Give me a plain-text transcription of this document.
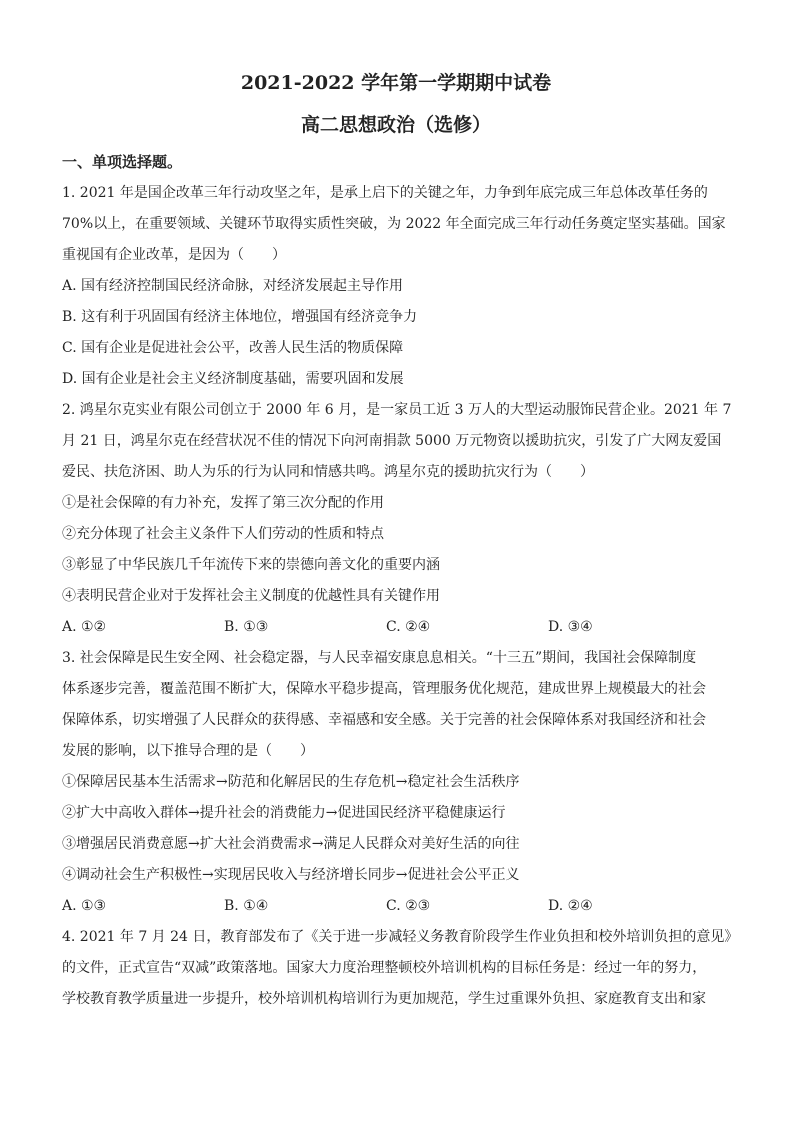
2021-2022 学年第一学期期中试卷
高二思想政治（选修）
一、单项选择题。

1. 2021 年是国企改革三年行动攻坚之年，是承上启下的关键之年，力争到年底完成三年总体改革任务的

70%以上，在重要领域、关键环节取得实质性突破，为 2022 年全面完成三年行动任务奠定坚实基础。国家

重视国有企业改革，是因为（　　）

A. 国有经济控制国民经济命脉，对经济发展起主导作用

B. 这有利于巩固国有经济主体地位，增强国有经济竞争力

C. 国有企业是促进社会公平，改善人民生活的物质保障

D. 国有企业是社会主义经济制度基础，需要巩固和发展

2. 鸿星尔克实业有限公司创立于 2000 年 6 月，是一家员工近 3 万人的大型运动服饰民营企业。2021 年 7

月 21 日，鸿星尔克在经营状况不佳的情况下向河南捐款 5000 万元物资以援助抗灾，引发了广大网友爱国

爱民、扶危济困、助人为乐的行为认同和情感共鸣。鸿星尔克的援助抗灾行为（　　）

①是社会保障的有力补充，发挥了第三次分配的作用

②充分体现了社会主义条件下人们劳动的性质和特点

③彰显了中华民族几千年流传下来的崇德向善文化的重要内涵

④表明民营企业对于发挥社会主义制度的优越性具有关键作用

A. ①②	B. ①③	C. ②④	D. ③④

3. 社会保障是民生安全网、社会稳定器，与人民幸福安康息息相关。“十三五”期间，我国社会保障制度

体系逐步完善，覆盖范围不断扩大，保障水平稳步提高，管理服务优化规范，建成世界上规模最大的社会

保障体系，切实增强了人民群众的获得感、幸福感和安全感。关于完善的社会保障体系对我国经济和社会

发展的影响，以下推导合理的是（　　）

①保障居民基本生活需求→防范和化解居民的生存危机→稳定社会生活秩序

②扩大中高收入群体→提升社会的消费能力→促进国民经济平稳健康运行

③增强居民消费意愿→扩大社会消费需求→满足人民群众对美好生活的向往

④调动社会生产积极性→实现居民收入与经济增长同步→促进社会公平正义

A. ①③	B. ①④	C. ②③	D. ②④

4. 2021 年 7 月 24 日，教育部发布了《关于进一步减轻义务教育阶段学生作业负担和校外培训负担的意见》

的文件，正式宣告“双减”政策落地。国家大力度治理整顿校外培训机构的目标任务是：经过一年的努力，

学校教育教学质量进一步提升，校外培训机构培训行为更加规范，学生过重课外负担、家庭教育支出和家
